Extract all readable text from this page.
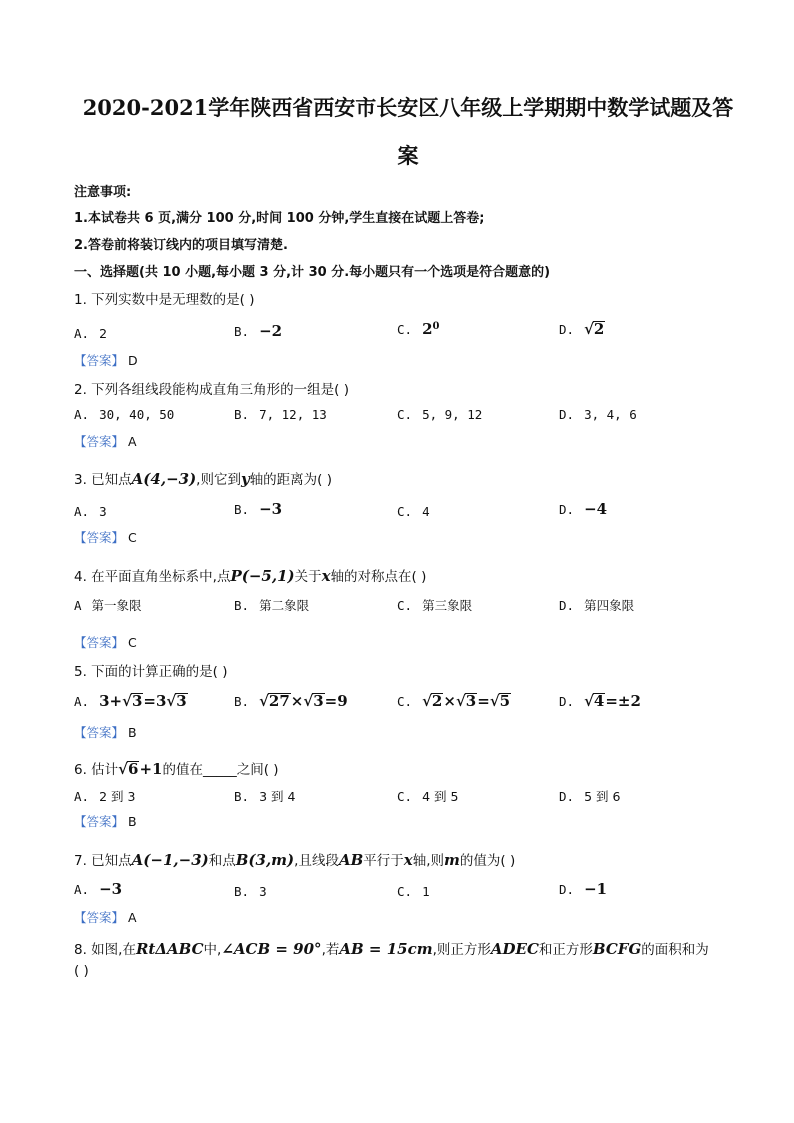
2020-2021学年陕西省西安市长安区八年级上学期期中数学试题及答
案
注意事项:
1.本试卷共 6 页,满分 100 分,时间 100 分钟,学生直接在试题上答卷;
2.答卷前将装订线内的项目填写清楚.
一、选择题(共 10 小题,每小题 3 分,计 30 分.每小题只有一个选项是符合题意的)
1. 下列实数中是无理数的是( )
A. 2	B. −2	C. $2^0$	D. √2
【答案】 D
2. 下列各组线段能构成直角三角形的一组是( )
A. 30, 40, 50	B. 7, 12, 13	C. 5, 9, 12	D. 3, 4, 6
【答案】 A
3. 已知点A(4,−3),则它到y轴的距离为( )
A. 3	B. −3	C. 4	D. −4
【答案】 C
4. 在平面直角坐标系中,点P(−5,1)关于x轴的对称点在( )
A 第一象限	B. 第二象限	C. 第三象限	D. 第四象限
【答案】 C
5. 下面的计算正确的是( )
A. 3+√3=3√3	B. √27×√3=9	C. √2×√3=√5	D. √4=±2
【答案】 B
6. 估计√6+1的值在_____之间( )
A. 2 到 3	B. 3 到 4	C. 4 到 5	D. 5 到 6
【答案】 B
7. 已知点A(−1,−3)和点B(3,m),且线段AB平行于x轴,则m的值为( )
A. −3	B. 3	C. 1	D. −1
【答案】 A
8. 如图,在RtΔABC中,∠ACB = 90°,若AB = 15cm,则正方形ADEC和正方形BCFG的面积和为
( )
